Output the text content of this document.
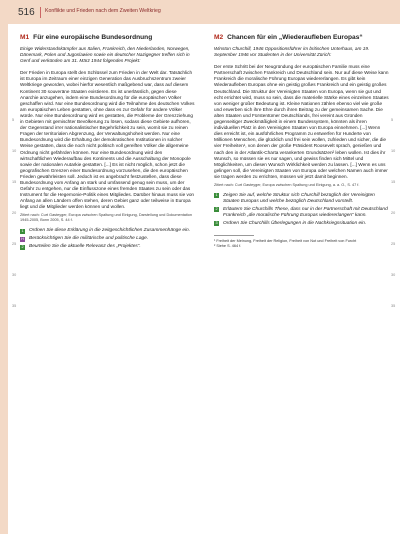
516 Konflikte und Frieden nach dem Zweiten Weltkrieg
M1 Für eine europäische Bundesordnung

Einige Widerstandskämpfer aus Italien, Frankreich, den Niederlanden, Norwegen, Dänemark, Polen und Jugoslawien sowie ein deutscher Nazigegner treffen sich in Genf und verkünden am 31. März 1944 folgendes Projekt:

Der Frieden in Europa stellt den Schlüssel zum Frieden in der Welt dar. Tatsächlich ist Europa im Zeitraum einer einzigen Generation das Ausbruchszentrum zweier Weltkriege geworden, wobei hierfür wesentlich maßgebend war, dass auf diesem Kontinent 30 souveräne Staaten existieren. Es ist unerlässlich, gegen diese Anarchie anzugehen, indem eine Bundesordnung für die europäischen Völker geschaffen wird. Nur eine Bundesordnung wird die Teilnahme des deutschen Volkes am europäischen Leben gestatten, ohne dass es zur Gefahr für andere Völker würde. Nur eine Bundesordnung wird es gestatten, die Probleme der Grenzziehung in Gebieten mit gemischter Bevölkerung zu lösen, sodass diese Gebiete aufhören, der Gegenstand irrer nationalistischer Begehrlichkeit zu sein, womit sie zu reinen Fragen der territorialen Abgrenzung, der Verwaltungshoheit werden. Nur eine Bundesordnung wird die Erhaltung der demokratischen Institutionen in solcher Weise gestatten, dass die noch nicht politisch voll gereiften Völker die allgemeine Ordnung nicht gefährden können. Nur eine Bundesordnung wird den wirtschaftlichen Wiederaufbau des Kontinents und die Ausschaltung der Monopole sowie der nationalen Autarkie gestatten. [...] Es ist nicht möglich, schon jetzt die geografischen Grenzen einer Bundesordnung vorzusehen, die den europäischen Frieden gewährleisten soll. Jedoch ist es angebracht festzustellen, dass diese Bundesordnung vom Anfang an stark und umfassend genug sein muss, um der Gefahr zu entgehen, nur die Einflusszone eines fremden Staates zu sein oder das Instrument für die Hegemonie-Politik eines Mitgliedes. Darüber hinaus muss sie von Anfang an allen Ländern offen stehen, deren Gebiet ganz oder teilweise in Europa liegt und die Mitglieder werden können und wollen.

Zitiert nach: Curt Gasteyger, Europa zwischen Spaltung und Einigung, Darstellung und Dokumentation 1945-2005, Bonn 2005, S. 44 f.

1 Ordnen Sie diese Erklärung in die zeitgeschichtlichen Zusammenhänge ein.
H Berücksichtigen Sie die militärische und politische Lage.
2 Beurteilen Sie die aktuelle Relevanz des „Projektes“.
M2 Chancen für ein „Wiederaufleben Europas“

Winston Churchill, 1946 Oppositionsführer im britischen Unterhaus, am 19. September 1946 vor Studenten in der Universität Zürich:

Der erste Schritt bei der Neugründung der europäischen Familie muss eine Partnerschaft zwischen Frankreich und Deutschland sein. Nur auf diese Weise kann Frankreich die moralische Führung Europas wiedererlangen. Es gibt kein Wiederaufleben Europas ohne ein geistig großes Frankreich und ein geistig großes Deutschland. Die Struktur der Vereinigten Staaten von Europa, wenn sie gut und echt errichtet wird, muss so sein, dass die materielle Stärke eines einzelnen Staates von weniger großer Bedeutung ist. Kleine Nationen zählen ebenso viel wie große und erwerben sich ihre Ehre durch ihren Beitrag zu der gemeinsamen Sache. Die alten Staaten und Fürstentümer Deutschlands, frei vereint aus Gründen gegenseitiger Zweckmäßigkeit in einem Bundessystem, könnten als ihren individuellen Platz in den Vereinigten Staaten von Europa einnehmen. [...] Wenn dies erreicht ist, ein ausführliches Programm zu entwerfen für Hunderte von Millionen Menschen, die glücklich und frei sein wollen, zufrieden und sicher, die die vier Freiheiten¹, von denen der große Präsident Roosevelt sprach, genießen und nach den in der Atlantik-Charta verankerten Grundsätzen² leben wollen. Ist dies ihr Wunsch, so müssen sie es nur sagen, und gewiss finden sich Mittel und Möglichkeiten, um diesen Wunsch Wirklichkeit werden zu lassen. [...] Wenn es uns gelingen soll, die Vereinigten Staaten von Europa oder welchen Namen auch immer sie tragen werden zu errichten, müssen wir jetzt damit beginnen.

Zitiert nach: Curt Gasteyger, Europa zwischen Spaltung und Einigung, a. a. O., S. 47 f.

1 Zeigen Sie auf, welche Struktur sich Churchill bezüglich der Vereinigten Staaten Europas und welche bezüglich Deutschland vorstellt.
2 Erläutern Sie Churchills These, dass nur in der Partnerschaft mit Deutschland Frankreich „die moralische Führung Europas wiedererlangen“ kann.
3 Ordnen Sie Churchills Überlegungen in die Nachkriegssituation ein.
¹ Freiheit der Meinung, Freiheit der Religion, Freiheit von Not und Freiheit von Furcht
² Siehe S. 464 f.
5
10
15
20
25
30
35
5
10
15
20
25
30
35
